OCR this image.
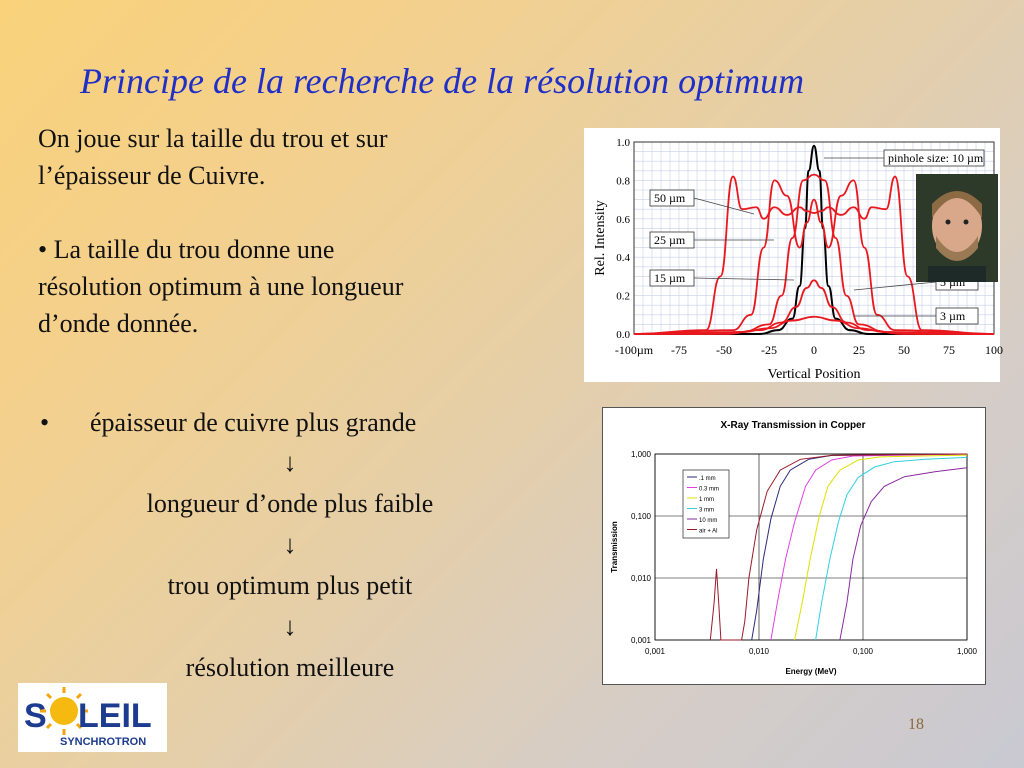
Principe de la recherche de la résolution optimum
On joue sur la taille du trou et sur
l’épaisseur de Cuivre.
• La taille du trou donne une
résolution optimum à une longueur
d’onde donnée.
• épaisseur de cuivre plus grande
↓
longueur d’onde plus faible
↓
trou optimum plus petit
↓
résolution meilleure
-100µm -75 -50 -25	0	25	50	75	100
0.0
0.2
0.4
0.6
0.8
1.0
Vertical Position
Rel. Intensity
pinhole size: 10 µm
50 µm
25 µm
15 µm
3 µm
X-Ray Transmission in Copper
0,001	0,010	0,100	1,000
0,001
0,010
0,100
1,000
Energy (MeV)
Transmission
.1 mm
0.3 mm
1 mm
3 mm
10 mm
air + Al
S LEIL
SYNCHROTRON
18
